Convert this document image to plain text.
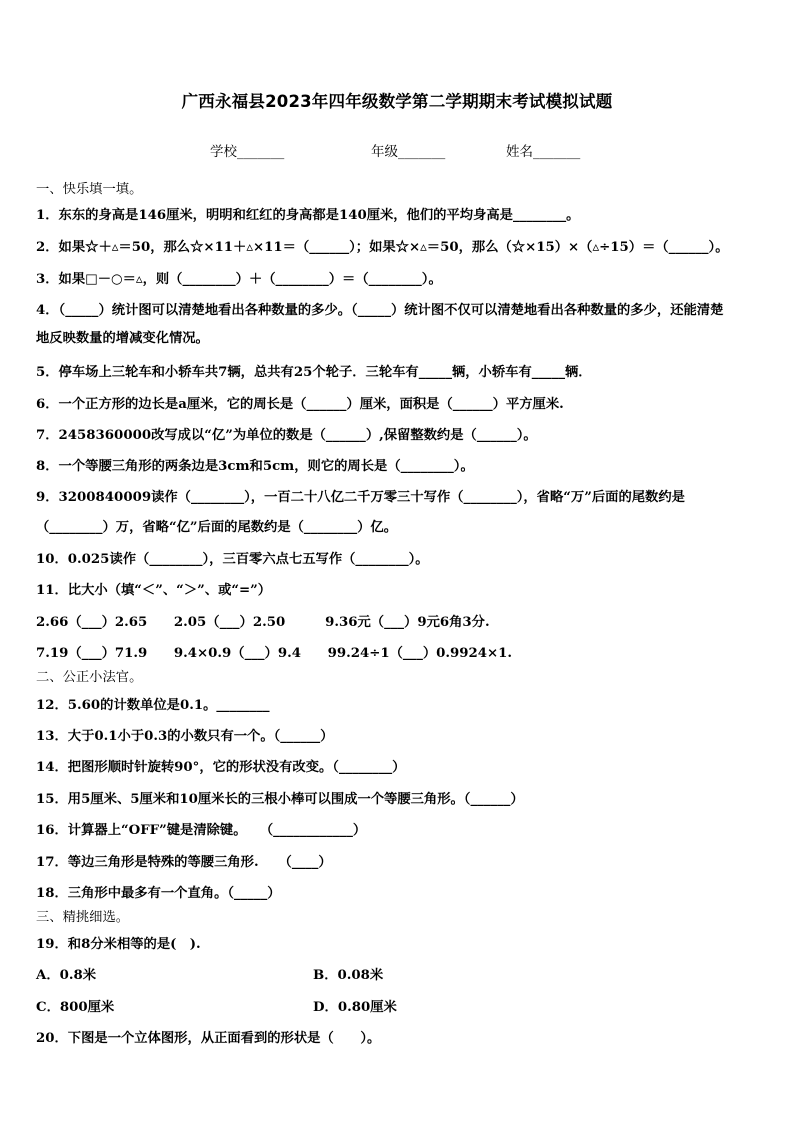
广西永福县2023年四年级数学第二学期期末考试模拟试题
学校_______	年级_______	姓名_______
一、快乐填一填。
1．东东的身高是146厘米，明明和红红的身高都是140厘米，他们的平均身高是________。
2．如果☆＋▵＝50，那么☆×11＋▵×11＝（______）；如果☆×▵＝50，那么（☆×15）×（▵÷15）＝（______）。
3．如果□－○＝▵，则（________）＋（________）＝（________）。
4．（_____）统计图可以清楚地看出各种数量的多少。（_____）统计图不仅可以清楚地看出各种数量的多少，还能清楚
地反映数量的增减变化情况。
5．停车场上三轮车和小轿车共7辆，总共有25个轮子．三轮车有_____辆，小轿车有_____辆．
6．一个正方形的边长是a厘米，它的周长是（______）厘米，面积是（______）平方厘米.
7．2458360000改写成以“亿”为单位的数是（______）,保留整数约是（______）。
8．一个等腰三角形的两条边是3cm和5cm，则它的周长是（________）。
9．3200840009读作（________），一百二十八亿二千万零三十写作（________），省略“万”后面的尾数约是
（________）万，省略“亿”后面的尾数约是（________）亿。
10．0.025读作（________），三百零六点七五写作（________）。
11．比大小（填“＜”、“＞”、或“=”）
2.66（___）2.65　　2.05（___）2.50　　　9.36元（___）9元6角3分.
7.19（___）71.9　　9.4×0.9（___）9.4　　99.24÷1（___）0.9924×1.
二、公正小法官。
12．5.60的计数单位是0.1。________
13．大于0.1小于0.3的小数只有一个。（______）
14．把图形顺时针旋转90°，它的形状没有改变。（________）
15．用5厘米、5厘米和10厘米长的三根小棒可以围成一个等腰三角形。（______）
16．计算器上“OFF”键是清除键。　　（____________）
17．等边三角形是特殊的等腰三角形.　　（____）
18．三角形中最多有一个直角。（_____）
三、精挑细选。
19．和8分米相等的是(　).
A．0.8米	B．0.08米
C．800厘米	D．0.80厘米
20．下图是一个立体图形，从正面看到的形状是（　　）。
